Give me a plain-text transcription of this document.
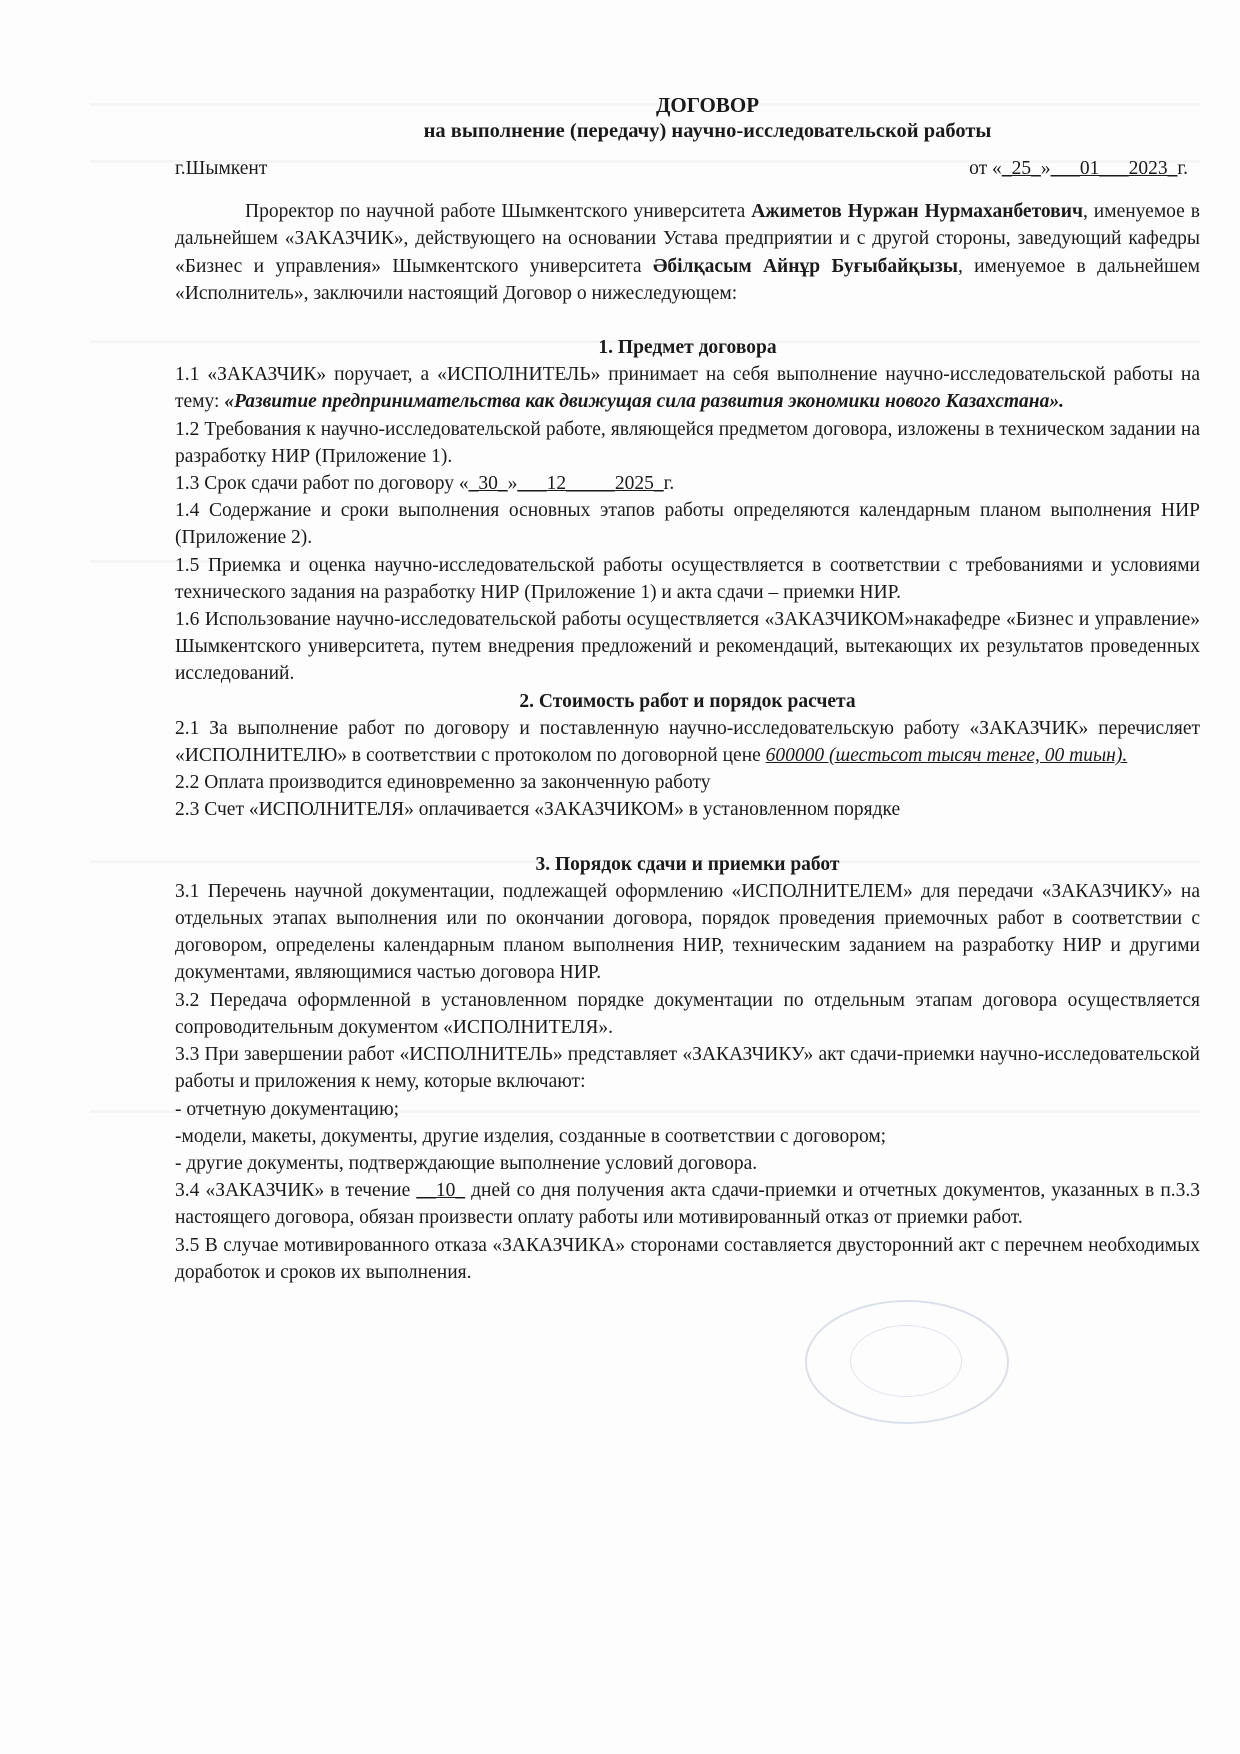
ДОГОВОР
на выполнение (передачу) научно-исследовательской работы
г.Шымкент	от «_25_»___01___2023_г.

Проректор по научной работе Шымкентского университета Ажиметов Нуржан Нурмаханбетович, именуемое в дальнейшем «ЗАКАЗЧИК», действующего на основании Устава предприятии и с другой стороны, заведующий кафедры «Бизнес и управления» Шымкентского университета Әбілқасым Айнұр Буғыбайқызы, именуемое в дальнейшем «Исполнитель», заключили настоящий Договор о нижеследующем:

1. Предмет договора

1.1 «ЗАКАЗЧИК» поручает, а «ИСПОЛНИТЕЛЬ» принимает на себя выполнение научно-исследовательской работы на тему: «Развитие предпринимательства как движущая сила развития экономики нового Казахстана».

1.2 Требования к научно-исследовательской работе, являющейся предметом договора, изложены в техническом задании на разработку НИР (Приложение 1).

1.3 Срок сдачи работ по договору «_30_»___12_____2025_г.

1.4 Содержание и сроки выполнения основных этапов работы определяются календарным планом выполнения НИР (Приложение 2).

1.5 Приемка и оценка научно-исследовательской работы осуществляется в соответствии с требованиями и условиями технического задания на разработку НИР (Приложение 1) и акта сдачи – приемки НИР.

1.6 Использование научно-исследовательской работы осуществляется «ЗАКАЗЧИКОМ»накафедре «Бизнес и управление» Шымкентского университета, путем внедрения предложений и рекомендаций, вытекающих их результатов проведенных исследований.

2. Стоимость работ и порядок расчета

2.1 За выполнение работ по договору и поставленную научно-исследовательскую работу «ЗАКАЗЧИК» перечисляет «ИСПОЛНИТЕЛЮ» в соответствии с протоколом по договорной цене 600000 (шестьсот тысяч тенге, 00 тиын).

2.2 Оплата производится единовременно за законченную работу

2.3 Счет «ИСПОЛНИТЕЛЯ» оплачивается «ЗАКАЗЧИКОМ» в установленном порядке

3. Порядок сдачи и приемки работ

3.1 Перечень научной документации, подлежащей оформлению «ИСПОЛНИТЕЛЕМ» для передачи «ЗАКАЗЧИКУ» на отдельных этапах выполнения или по окончании договора, порядок проведения приемочных работ в соответствии с договором, определены календарным планом выполнения НИР, техническим заданием на разработку НИР и другими документами, являющимися частью договора НИР.

3.2 Передача оформленной в установленном порядке документации по отдельным этапам договора осуществляется сопроводительным документом «ИСПОЛНИТЕЛЯ».

3.3 При завершении работ «ИСПОЛНИТЕЛЬ» представляет «ЗАКАЗЧИКУ» акт сдачи-приемки научно-исследовательской работы и приложения к нему, которые включают:

- отчетную документацию;

-модели, макеты, документы, другие изделия, созданные в соответствии с договором;

- другие документы, подтверждающие выполнение условий договора.

3.4 «ЗАКАЗЧИК» в течение __10_ дней со дня получения акта сдачи-приемки и отчетных документов, указанных в п.3.3 настоящего договора, обязан произвести оплату работы или мотивированный отказ от приемки работ.

3.5 В случае мотивированного отказа «ЗАКАЗЧИКА» сторонами составляется двусторонний акт с перечнем необходимых доработок и сроков их выполнения.
